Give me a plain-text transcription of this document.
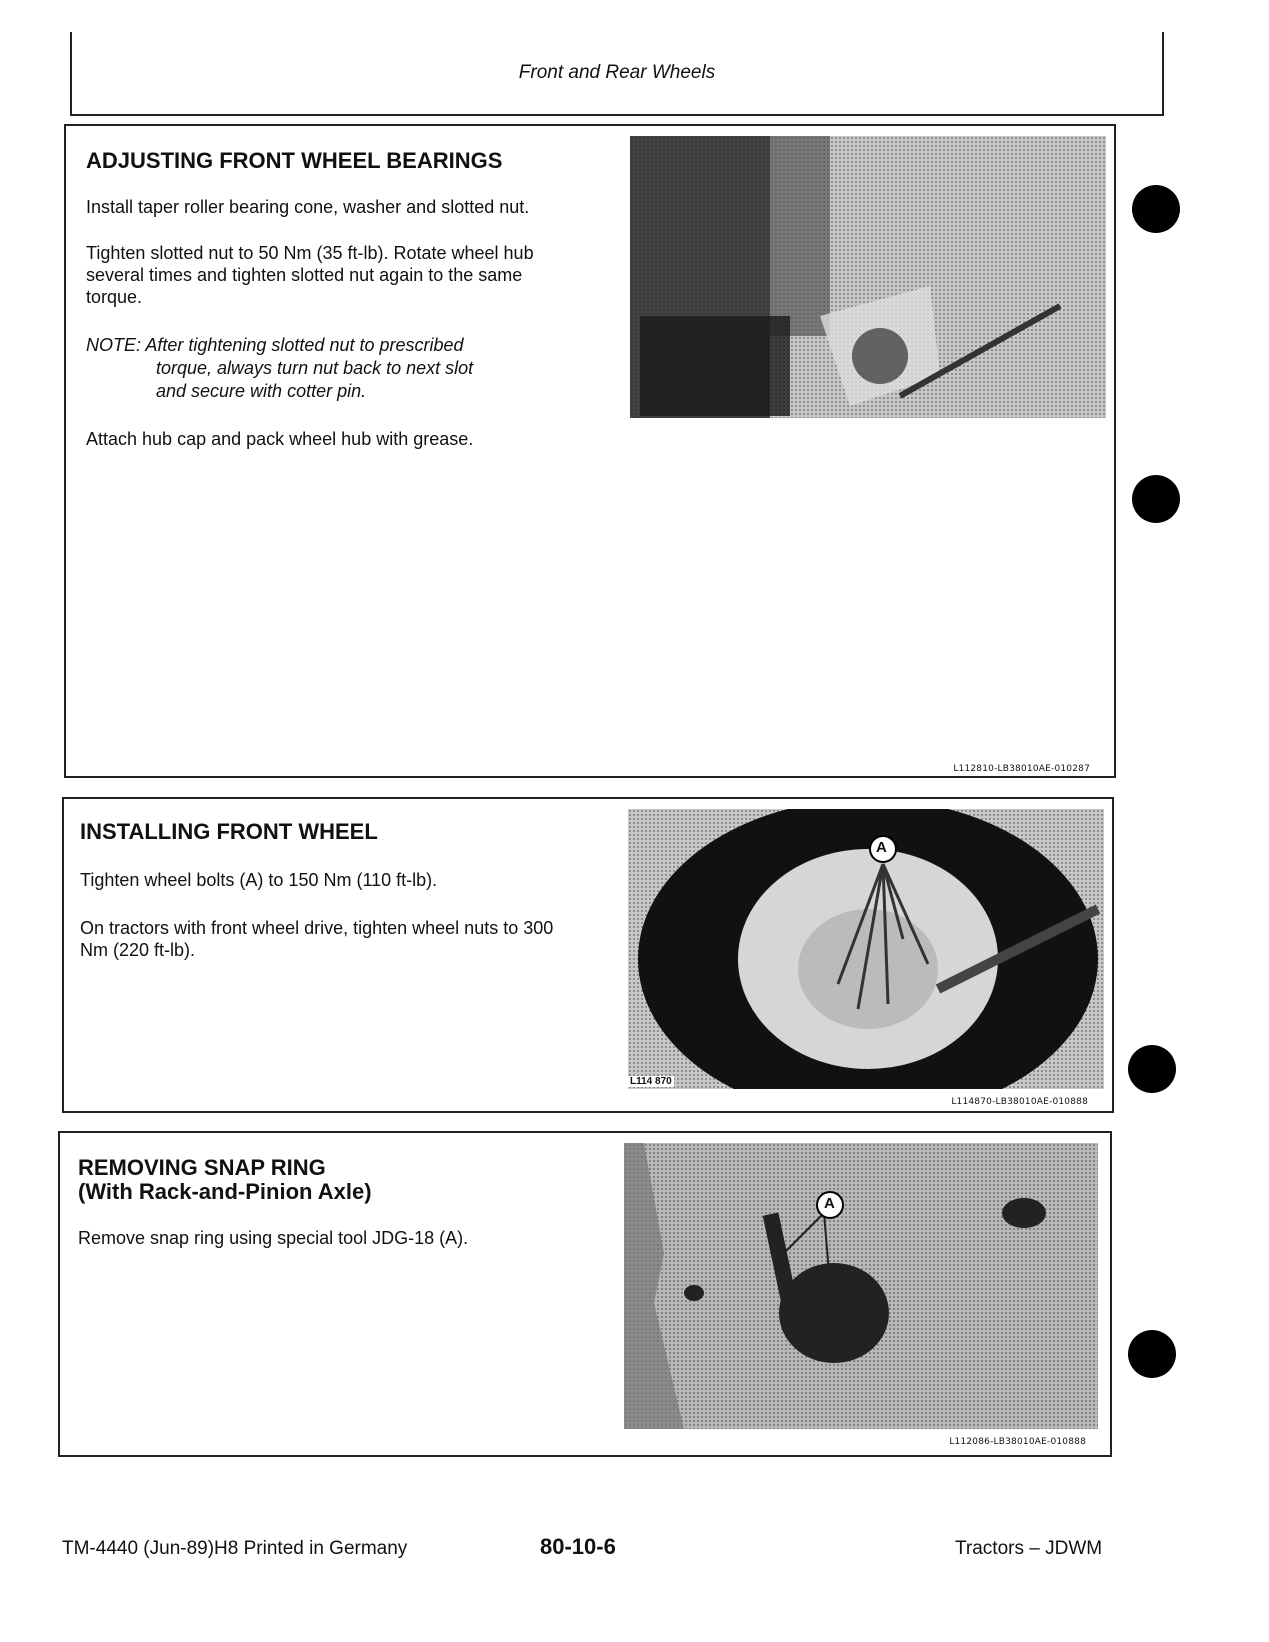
Front and Rear Wheels
ADJUSTING FRONT WHEEL BEARINGS
Install taper roller bearing cone, washer and slotted nut.
Tighten slotted nut to 50 Nm (35 ft-lb). Rotate wheel hub several times and tighten slotted nut again to the same torque.
NOTE: After tightening slotted nut to prescribed
torque, always turn nut back to next slot
and secure with cotter pin.
Attach hub cap and pack wheel hub with grease.
L112810-LB38010AE-010287
INSTALLING FRONT WHEEL
Tighten wheel bolts (A) to 150 Nm (110 ft-lb).
On tractors with front wheel drive, tighten wheel nuts to 300 Nm (220 ft-lb).
A
L114 870
L114870-LB38010AE-010888
REMOVING SNAP RING
(With Rack-and-Pinion Axle)
Remove snap ring using special tool JDG-18 (A).
A
L112086-LB38010AE-010888
TM-4440 (Jun-89)H8 Printed in Germany	80-10-6	Tractors – JDWM
